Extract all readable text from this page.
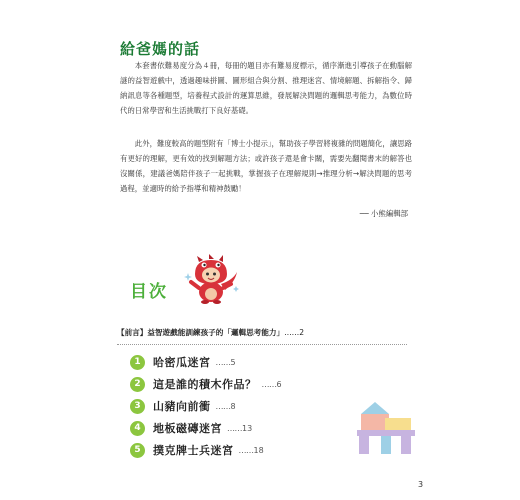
給爸媽的話

本套書依難易度分為４冊，每冊的題目亦有難易度標示，循序漸進引導孩子在動腦解謎的益智遊戲中，透過趣味拼圖、圖形組合與分割、推理迷宮、情境解題、拆解指令、歸納訊息等各種題型，培養程式設計的運算思維，發展解決問題的邏輯思考能力，為數位時代的日常學習和生活挑戰打下良好基礎。

此外，難度較高的題型附有「博士小提示」，幫助孩子學習將複雜的問題簡化，讓思路有更好的理解，更有效的找到解題方法；或許孩子還是會卡關，需要先翻閱書末的解答也沒關係，建議爸媽陪伴孩子一起挑戰，掌握孩子在理解規則→推理分析→解決問題的思考過程，並適時的給予指導和精神鼓勵！

── 小熊編輯部
目次
【前言】益智遊戲能訓練孩子的「邏輯思考能力」……2
1	哈密瓜迷宮 …… 5
2	這是誰的積木作品？ …… 6
3	山豬向前衝 …… 8
4	地板磁磚迷宮 …… 13
5	撲克牌士兵迷宮 …… 18
3
